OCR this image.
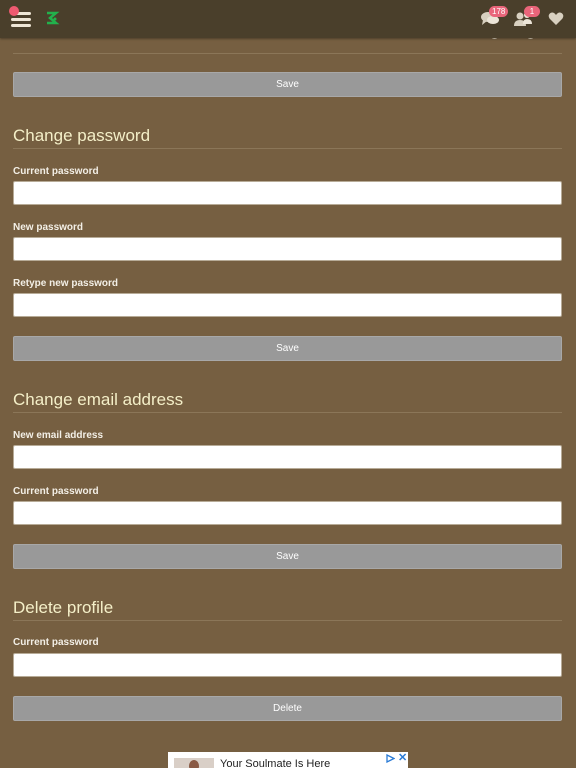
178	1
Save
Change password
Current password
New password
Retype new password
Save
Change email address
New email address
Current password
Save
Delete profile
Current password
Delete
Your Soulmate Is Here	✕
